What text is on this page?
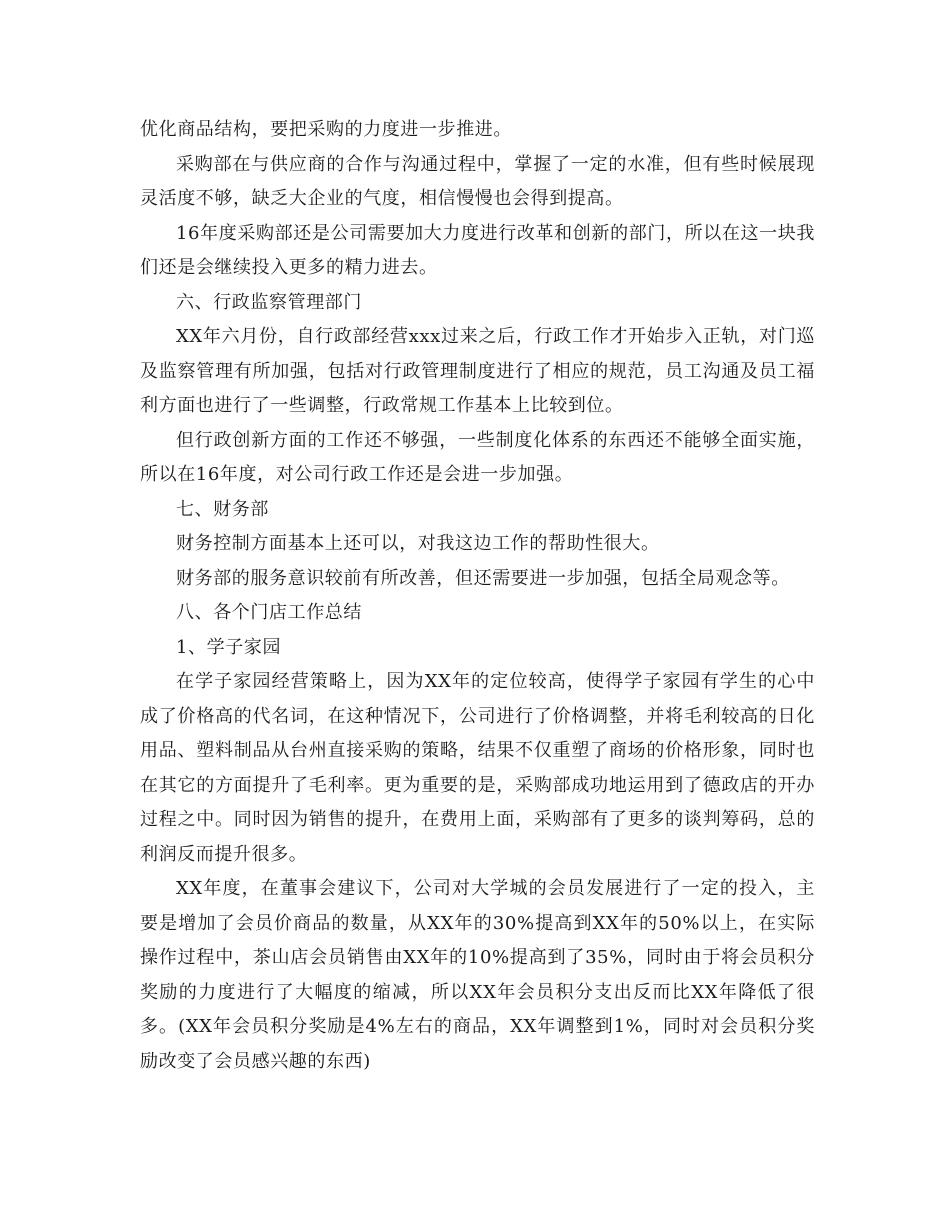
优化商品结构，要把采购的力度进一步推进。

采购部在与供应商的合作与沟通过程中，掌握了一定的水准，但有些时候展现灵活度不够，缺乏大企业的气度，相信慢慢也会得到提高。

16年度采购部还是公司需要加大力度进行改革和创新的部门，所以在这一块我们还是会继续投入更多的精力进去。

六、行政监察管理部门

XX年六月份，自行政部经营xxx过来之后，行政工作才开始步入正轨，对门巡及监察管理有所加强，包括对行政管理制度进行了相应的规范，员工沟通及员工福利方面也进行了一些调整，行政常规工作基本上比较到位。

但行政创新方面的工作还不够强，一些制度化体系的东西还不能够全面实施，所以在16年度，对公司行政工作还是会进一步加强。

七、财务部

财务控制方面基本上还可以，对我这边工作的帮助性很大。

财务部的服务意识较前有所改善，但还需要进一步加强，包括全局观念等。

八、各个门店工作总结

1、学子家园

在学子家园经营策略上，因为XX年的定位较高，使得学子家园有学生的心中成了价格高的代名词，在这种情况下，公司进行了价格调整，并将毛利较高的日化用品、塑料制品从台州直接采购的策略，结果不仅重塑了商场的价格形象，同时也在其它的方面提升了毛利率。更为重要的是，采购部成功地运用到了德政店的开办过程之中。同时因为销售的提升，在费用上面，采购部有了更多的谈判筹码，总的利润反而提升很多。

XX年度，在董事会建议下，公司对大学城的会员发展进行了一定的投入，主要是增加了会员价商品的数量，从XX年的30%提高到XX年的50%以上，在实际操作过程中，茶山店会员销售由XX年的10%提高到了35%，同时由于将会员积分奖励的力度进行了大幅度的缩减，所以XX年会员积分支出反而比XX年降低了很多。(XX年会员积分奖励是4%左右的商品，XX年调整到1%，同时对会员积分奖励改变了会员感兴趣的东西)
